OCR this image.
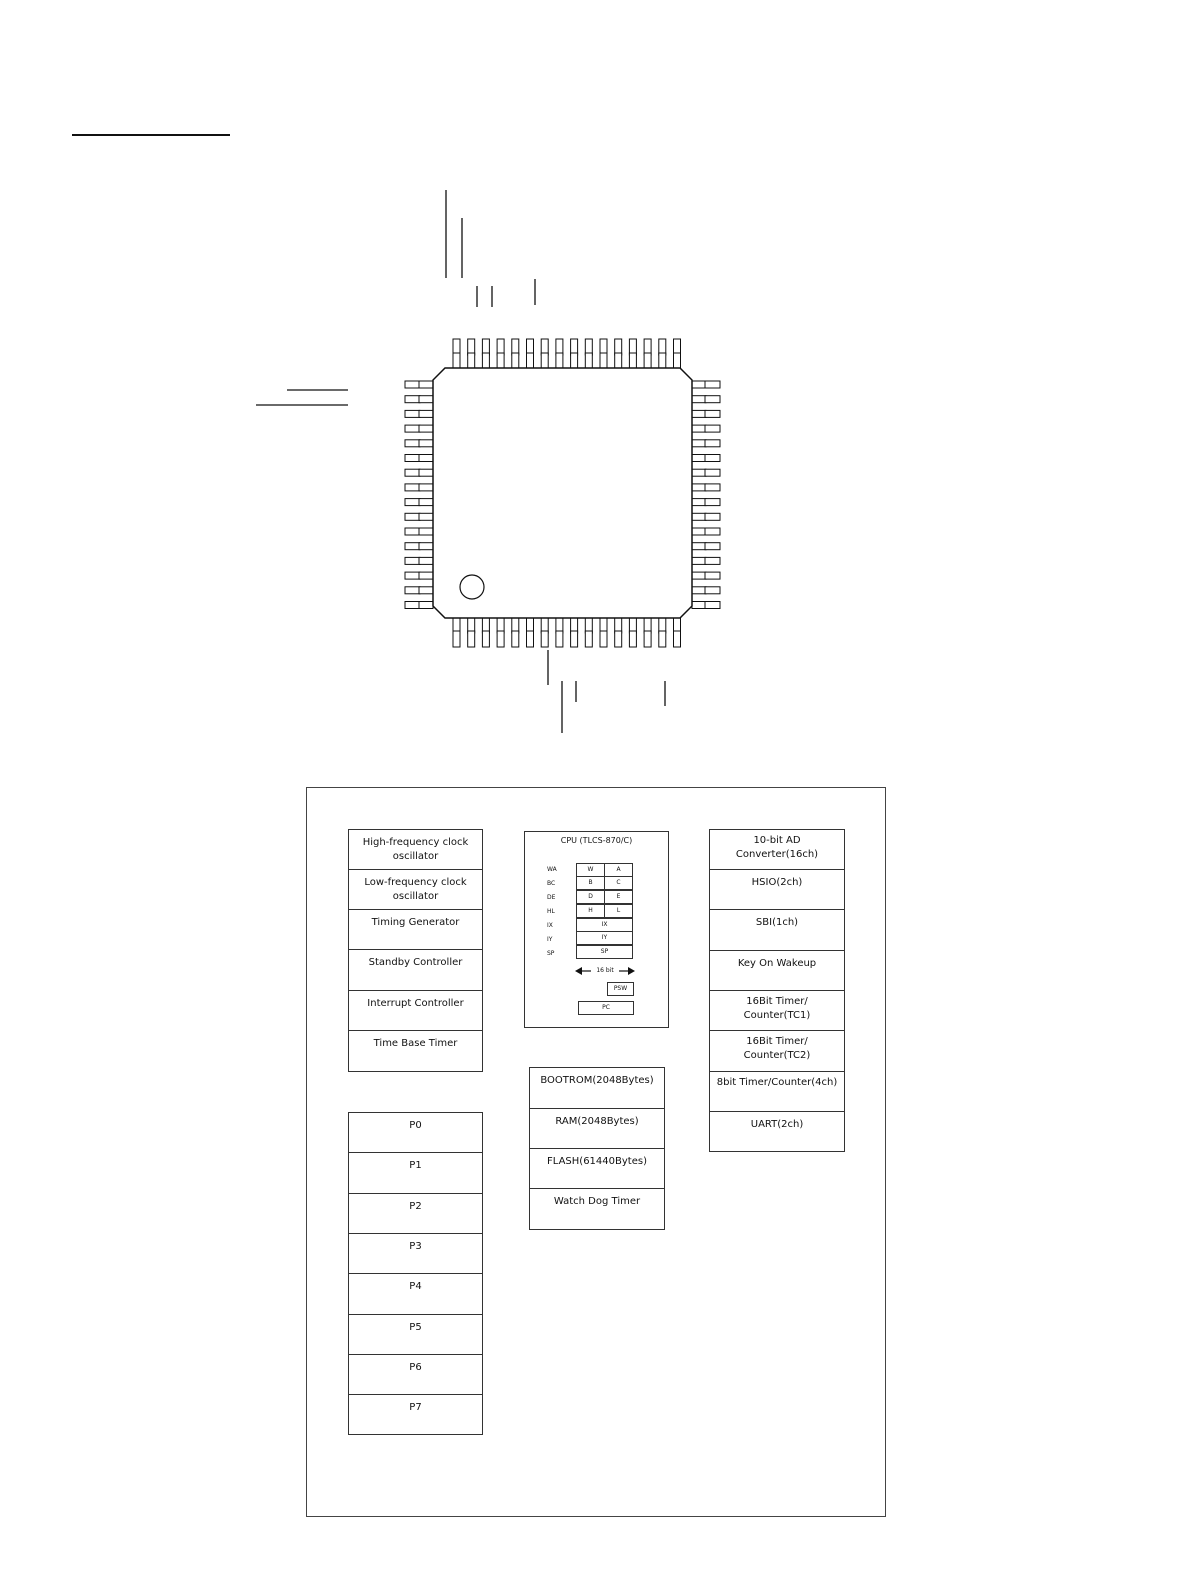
High-frequency clock oscillator
Low-frequency clock oscillator
Timing Generator
Standby Controller
Interrupt Controller
Time Base Timer
P0
P1
P2
P3
P4
P5
P6
P7
CPU (TLCS-870/C)
WA
BC
DE
HL
IX
IY
SP
W	A
B	C
D	E
H	L
IX
IY
SP
16 bit
PSW
PC
BOOTROM(2048Bytes)
RAM(2048Bytes)
FLASH(61440Bytes)
Watch Dog Timer
10-bit AD Converter(16ch)
HSIO(2ch)
SBI(1ch)
Key On Wakeup
16Bit Timer/ Counter(TC1)
16Bit Timer/ Counter(TC2)
8bit Timer/Counter(4ch)
UART(2ch)
